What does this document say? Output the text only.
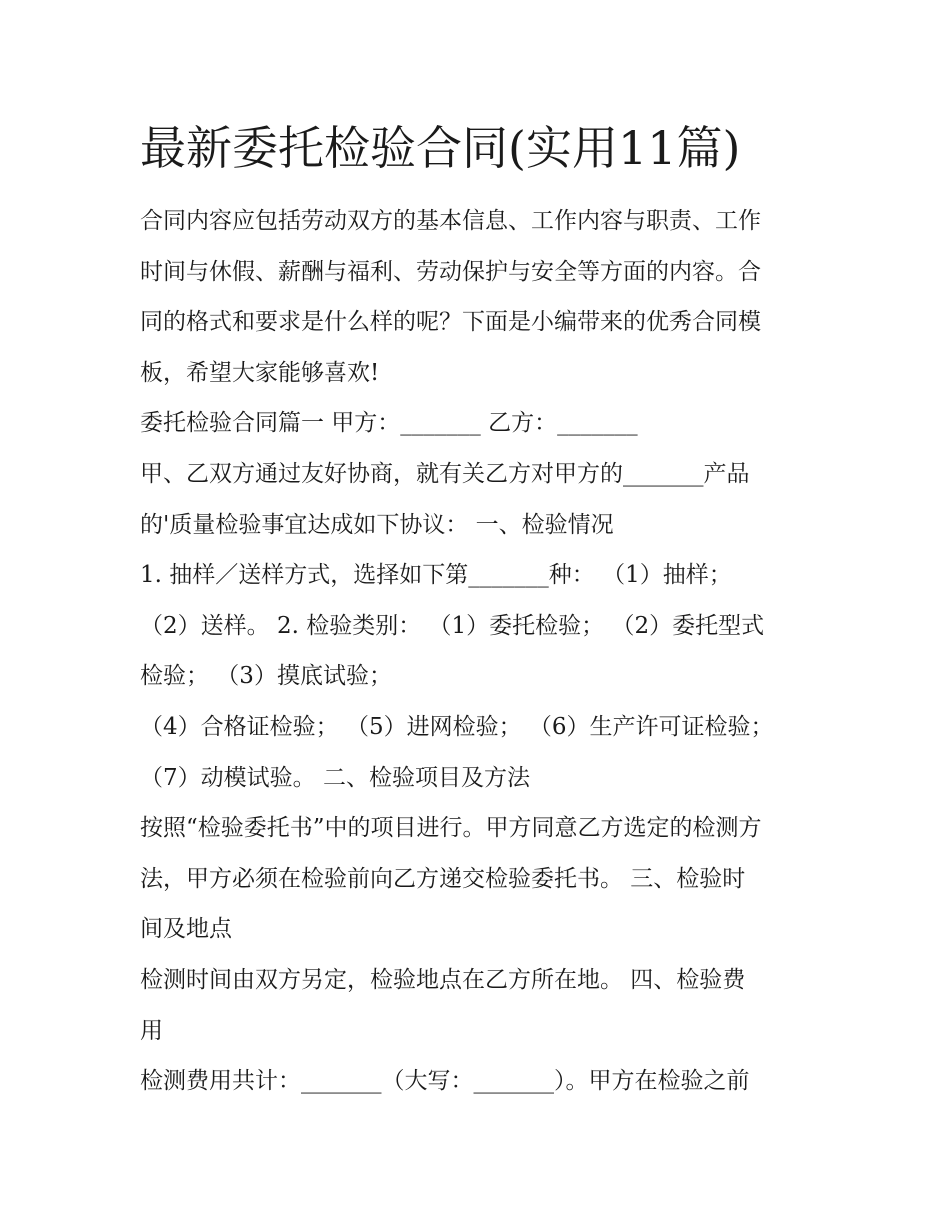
最新委托检验合同(实用11篇)
合同内容应包括劳动双方的基本信息、工作内容与职责、工作
时间与休假、薪酬与福利、劳动保护与安全等方面的内容。合
同的格式和要求是什么样的呢？下面是小编带来的优秀合同模
板，希望大家能够喜欢!
委托检验合同篇一 甲方：_______ 乙方：_______
甲、乙双方通过友好协商，就有关乙方对甲方的_______产品
的'质量检验事宜达成如下协议： 一、检验情况
1. 抽样／送样方式，选择如下第_______种： （1）抽样；
（2）送样。 2. 检验类别： （1）委托检验； （2）委托型式
检验； （3）摸底试验；
（4）合格证检验； （5）进网检验； （6）生产许可证检验；
（7）动模试验。 二、检验项目及方法
按照“检验委托书”中的项目进行。甲方同意乙方选定的检测方
法，甲方必须在检验前向乙方递交检验委托书。 三、检验时
间及地点
检测时间由双方另定，检验地点在乙方所在地。 四、检验费
用
检测费用共计：_______（大写：_______）。甲方在检验之前
